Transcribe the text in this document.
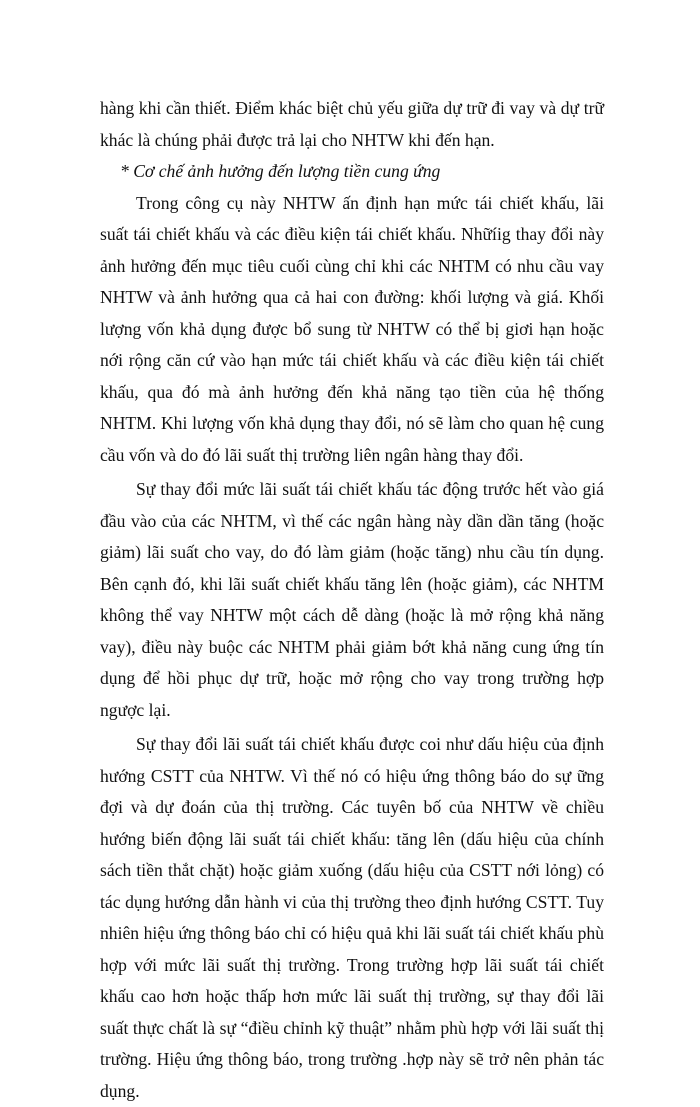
hàng khi cần thiết. Điểm khác biệt chủ yếu giữa dự trữ đi vay và dự trữ khác là chúng phải được trả lại cho NHTW khi đến hạn.

* Cơ chế ảnh hưởng đến lượng tiền cung ứng

Trong công cụ này NHTW ấn định hạn mức tái chiết khấu, lãi suất tái chiết khấu và các điều kiện tái chiết khấu. Nhữíig thay đổi này ảnh hưởng đến mục tiêu cuối cùng chỉ khi các NHTM có nhu cầu vay NHTW và ảnh hưởng qua cả hai con đường: khối lượng và giá. Khối lượng vốn khả dụng được bổ sung từ NHTW có thể bị giơi hạn hoặc nới rộng căn cứ vào hạn mức tái chiết khấu và các điều kiện tái chiết khấu, qua đó mà ảnh hưởng đến khả năng tạo tiền của hệ thống NHTM. Khi lượng vốn khả dụng thay đổi, nó sẽ làm cho quan hệ cung cầu vốn và do đó lãi suất thị trường liên ngân hàng thay đổi.

Sự thay đổi mức lãi suất tái chiết khấu tác động trước hết vào giá đầu vào của các NHTM, vì thế các ngân hàng này dần dần tăng (hoặc giảm) lãi suất cho vay, do đó làm giảm (hoặc tăng) nhu cầu tín dụng. Bên cạnh đó, khi lãi suất chiết khấu tăng lên (hoặc giảm), các NHTM không thể vay NHTW một cách dễ dàng (hoặc là mở rộng khả năng vay), điều này buộc các NHTM phải giảm bớt khả năng cung ứng tín dụng để hồi phục dự trữ, hoặc mở rộng cho vay trong trường hợp ngược lại.

Sự thay đổi lãi suất tái chiết khấu được coi như dấu hiệu của định hướng CSTT của NHTW. Vì thế nó có hiệu ứng thông báo do sự ững đợi và dự đoán của thị trường. Các tuyên bố của NHTW về chiều hướng biến động lãi suất tái chiết khấu: tăng lên (dấu hiệu của chính sách tiền thắt chặt) hoặc giảm xuống (dấu hiệu của CSTT nới lỏng) có tác dụng hướng dẫn hành vi của thị trường theo định hướng CSTT. Tuy nhiên hiệu ứng thông báo chỉ có hiệu quả khi lãi suất tái chiết khấu phù hợp với mức lãi suất thị trường. Trong trường hợp lãi suất tái chiết khấu cao hơn hoặc thấp hơn mức lãi suất thị trường, sự thay đổi lãi suất thực chất là sự “điều chỉnh kỹ thuật” nhằm phù hợp với lãi suất thị trường. Hiệu ứng thông báo, trong trường .hợp này sẽ trở nên phản tác dụng.
